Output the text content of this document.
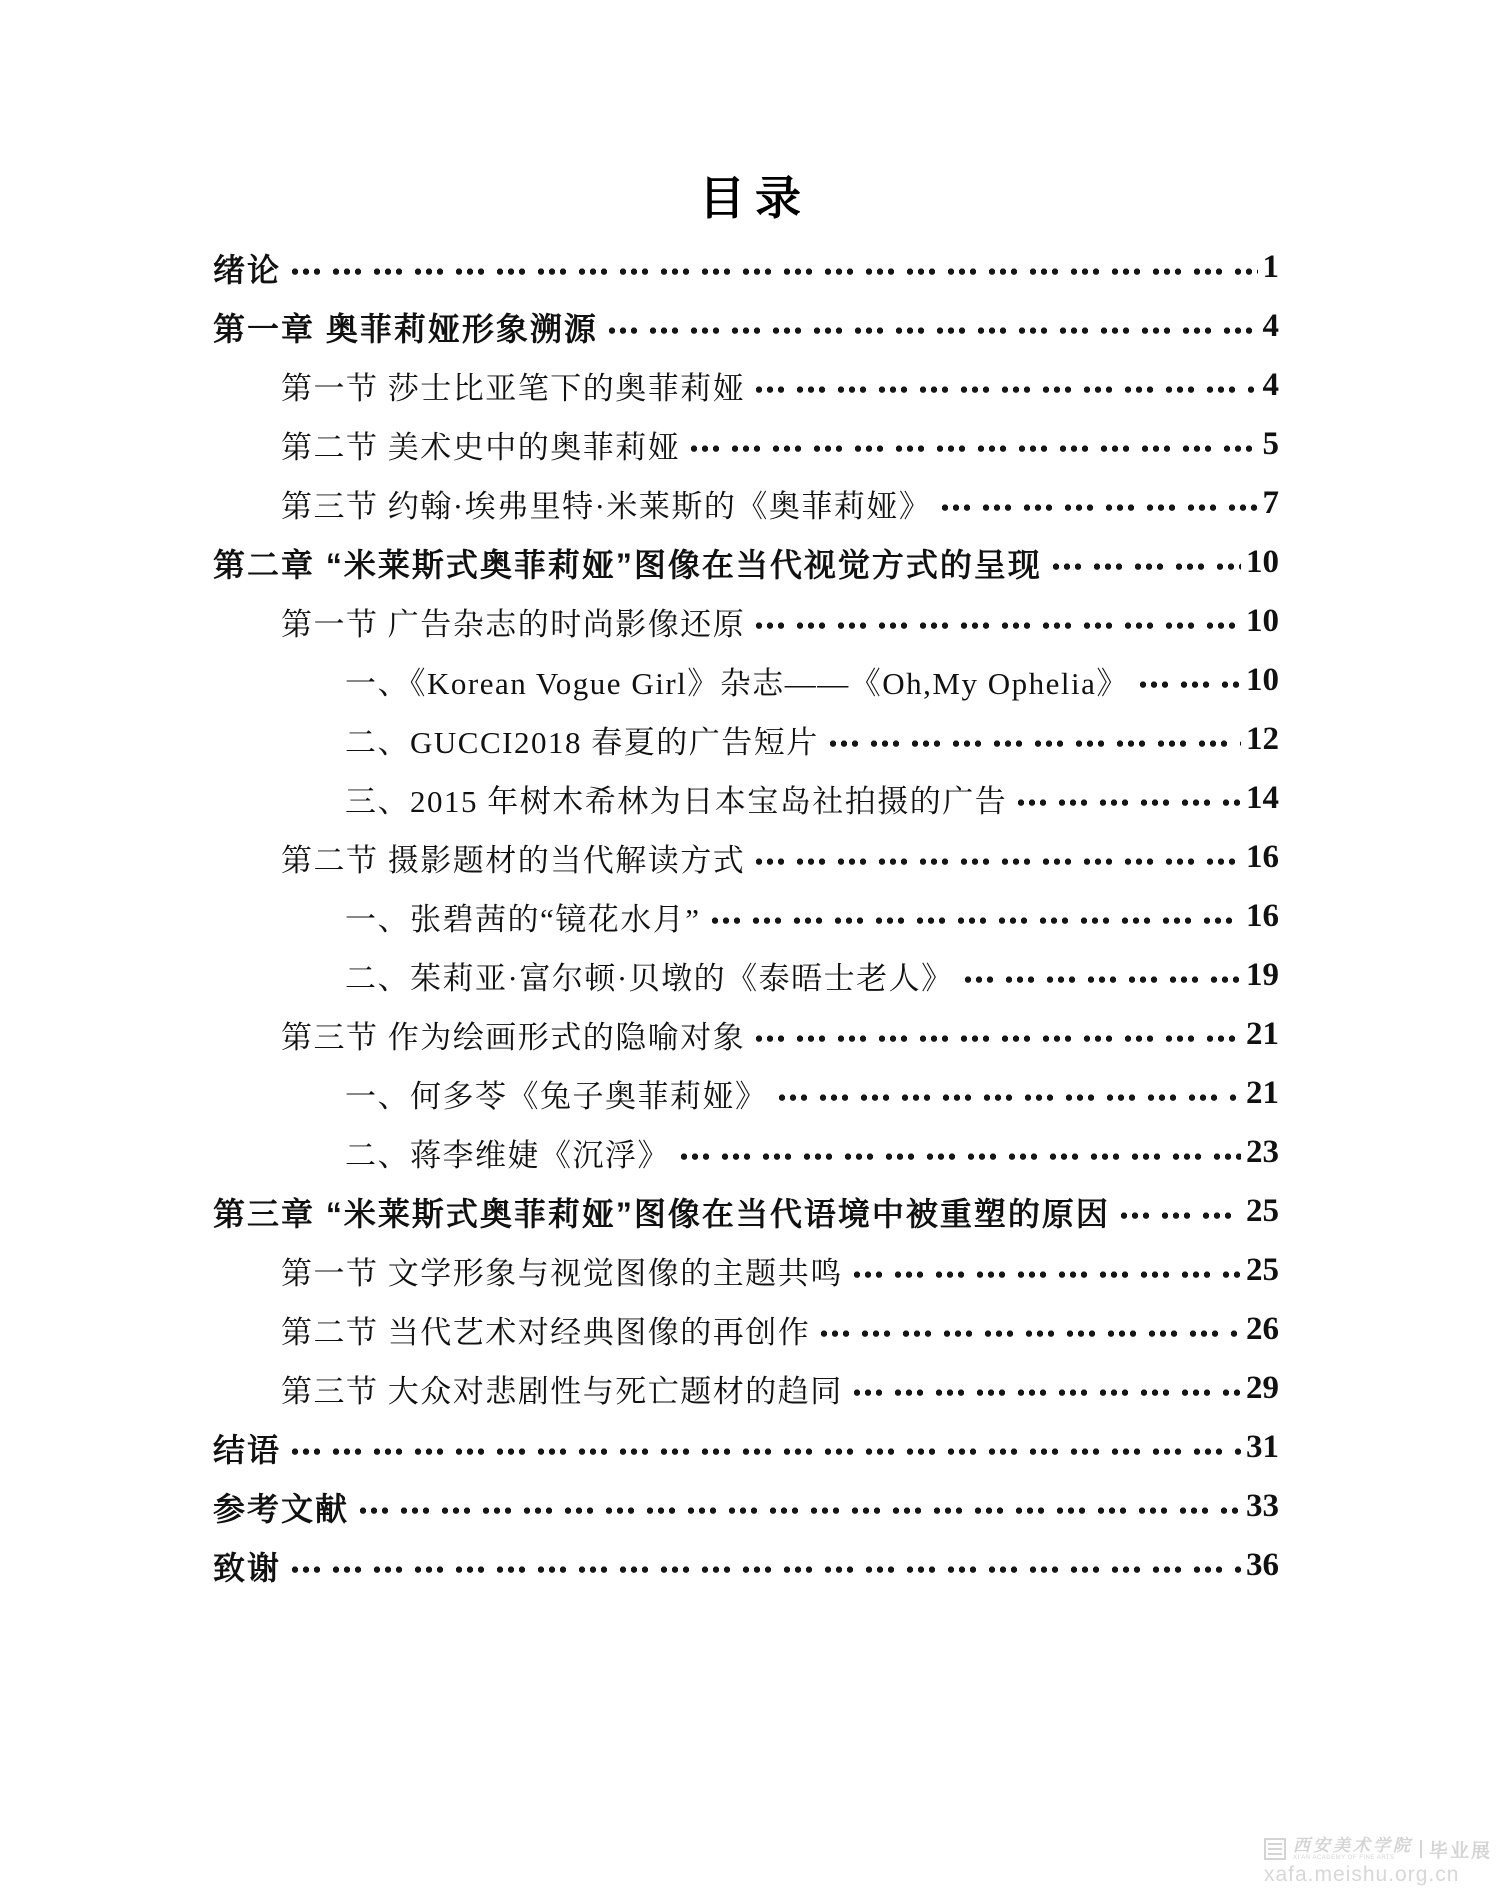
目录
绪论	1
第一章 奥菲莉娅形象溯源	4
第一节 莎士比亚笔下的奥菲莉娅	4
第二节 美术史中的奥菲莉娅	5
第三节 约翰·埃弗里特·米莱斯的《奥菲莉娅》	7
第二章 “米莱斯式奥菲莉娅”图像在当代视觉方式的呈现	10
第一节 广告杂志的时尚影像还原	10
一、《Korean Vogue Girl》杂志——《Oh,My Ophelia》	10
二、GUCCI2018 春夏的广告短片	12
三、2015 年树木希林为日本宝岛社拍摄的广告	14
第二节 摄影题材的当代解读方式	16
一、张碧茜的“镜花水月”	16
二、茱莉亚·富尔顿·贝墩的《泰晤士老人》	19
第三节 作为绘画形式的隐喻对象	21
一、何多苓《兔子奥菲莉娅》	21
二、蒋李维婕《沉浮》	23
第三章 “米莱斯式奥菲莉娅”图像在当代语境中被重塑的原因	25
第一节 文学形象与视觉图像的主题共鸣	25
第二节 当代艺术对经典图像的再创作	26
第三节 大众对悲剧性与死亡题材的趋同	29
结语	31
参考文献	33
致谢	36
西安美术学院
XI'AN ACADEMY OF FINE ARTS	毕业展
xafa.meishu.org.cn
